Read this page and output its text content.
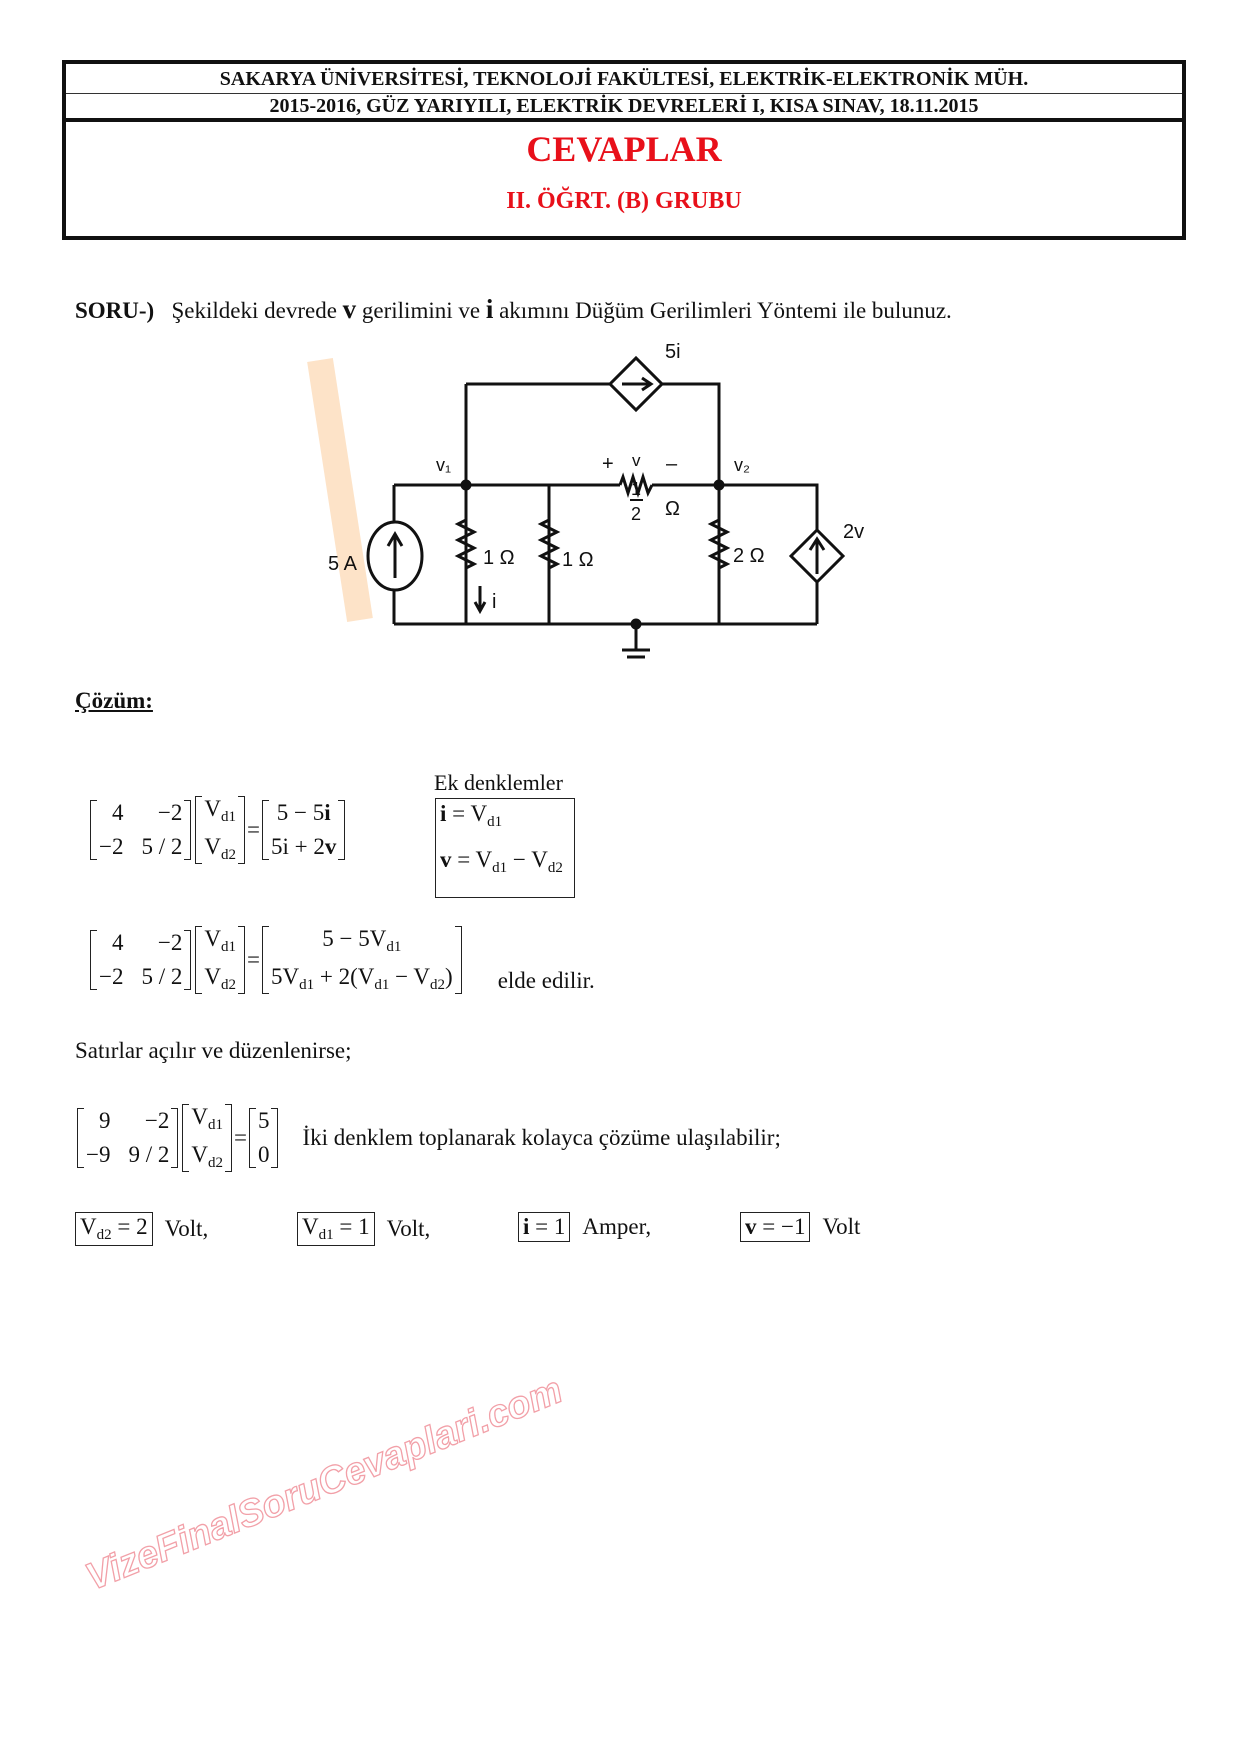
VizeFinalSoruCevaplari.com
SAKARYA ÜNİVERSİTESİ, TEKNOLOJİ FAKÜLTESİ, ELEKTRİK-ELEKTRONİK MÜH.
2015-2016, GÜZ YARIYILI, ELEKTRİK DEVRELERİ I, KISA SINAV, 18.11.2015
CEVAPLAR
II. ÖĞRT. (B) GRUBU
SORU-) Şekildeki devrede v gerilimini ve i akımını Düğüm Gerilimleri Yöntemi ile bulunuz.
5 A	1 Ω 1 Ω
1
2 Ω
2 Ω
5i
2v
v₁	v₂
+ v –
i
Çözüm:
4	−2
−2 5 / 2
$V_{d1}$
$V_{d2}$
=
5 − 5i
5i + 2v
Ek denklemler
$i = V_{d1}$
$v = V_{d1} - V_{d2}$
4	−2
−2 5 / 2
$V_{d1}$
$V_{d2}$
=
$5 - 5V_{d1}$
$5V_{d1} + 2(V_{d1} - V_{d2})$ elde edilir.
Satırlar açılır ve düzenlenirse;
9	−2
−9 9 / 2
$V_{d1}$
$V_{d2}$
=
5
0
İki denklem toplanarak kolayca çözüme ulaşılabilir;
$V_{d2} = 2$ Volt,	$V_{d1} = 1$ Volt,	i = 1 Amper,	v = −1 Volt
